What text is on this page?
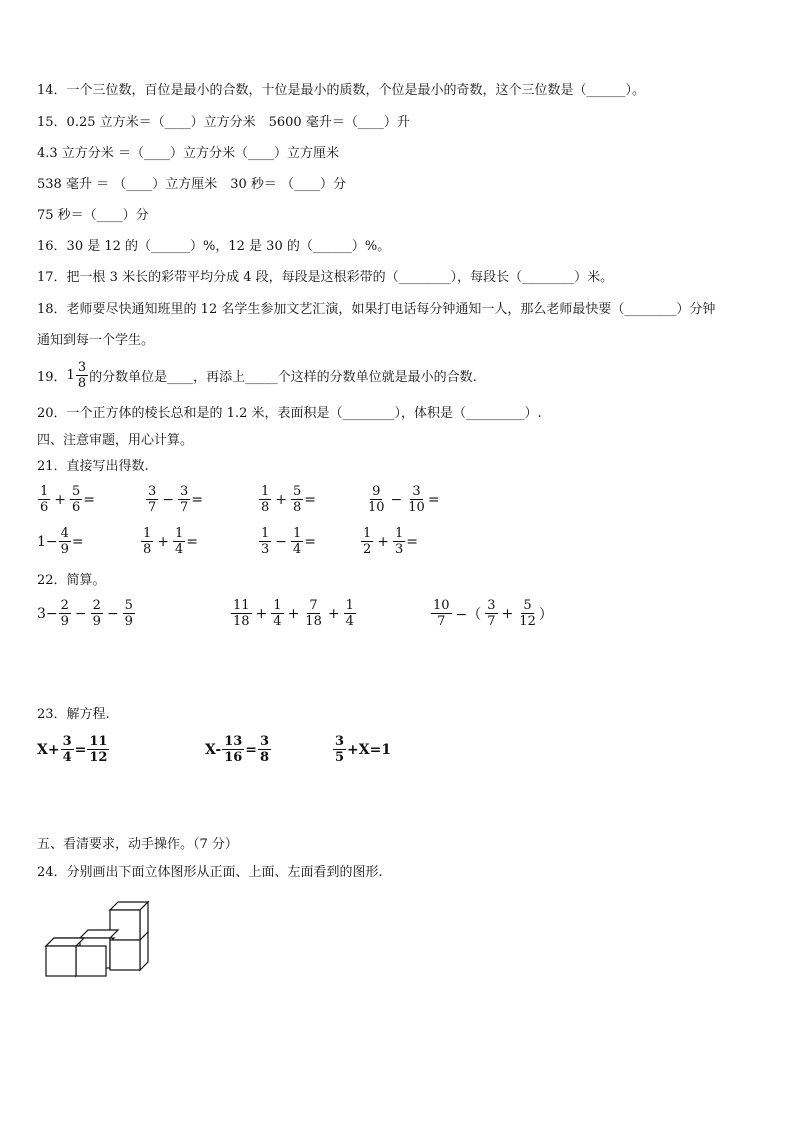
14．一个三位数，百位是最小的合数，十位是最小的质数，个位是最小的奇数，这个三位数是（______）。
15．0.25 立方米＝（____）立方分米　5600 毫升＝（____）升
4.3 立方分米 ＝（____）立方分米（____）立方厘米
538 毫升 ＝ （____）立方厘米　30 秒＝ （____）分
75 秒＝（____）分
16．30 是 12 的（______）%，12 是 30 的（______）%。
17．把一根 3 米长的彩带平均分成 4 段，每段是这根彩带的（________），每段长（________）米。
18．老师要尽快通知班里的 12 名学生参加文艺汇演，如果打电话每分钟通知一人，那么老师最快要（________）分钟
通知到每一个学生。
19． $1 \frac{3}{8}$ 的分数单位是____，再添上_____个这样的分数单位就是最小的合数.
20．一个正方体的棱长总和是的 1.2 米，表面积是（________），体积是（_________）.
四、注意审题，用心计算。
21．直接写出得数.
$\frac{1}{6} + \frac{5}{6}$ =	$\frac{3}{7} - \frac{3}{7}$ =	$\frac{1}{8} + \frac{5}{8}$ =	$\frac{9}{10} - \frac{3}{10}$ =
$1- \frac{4}{9}$ =	$\frac{1}{8} + \frac{1}{4}$ =	$\frac{1}{3} - \frac{1}{4}$ =	$\frac{1}{2} + \frac{1}{3}$ =
22．简算。
$3- \frac{2}{9} - \frac{2}{9} - \frac{5}{9}$	$\frac{11}{18} + \frac{1}{4} + \frac{7}{18} + \frac{1}{4}$	$\frac{10}{7}$ −（ $\frac{3}{7} + \frac{5}{12}$ ）
23．解方程.
$X+ \frac{3}{4} = \frac{11}{12}$	$X- \frac{13}{16} = \frac{3}{8}$	$\frac{3}{5} +X=1$
五、看清要求，动手操作。（7 分）
24．分别画出下面立体图形从正面、上面、左面看到的图形.
